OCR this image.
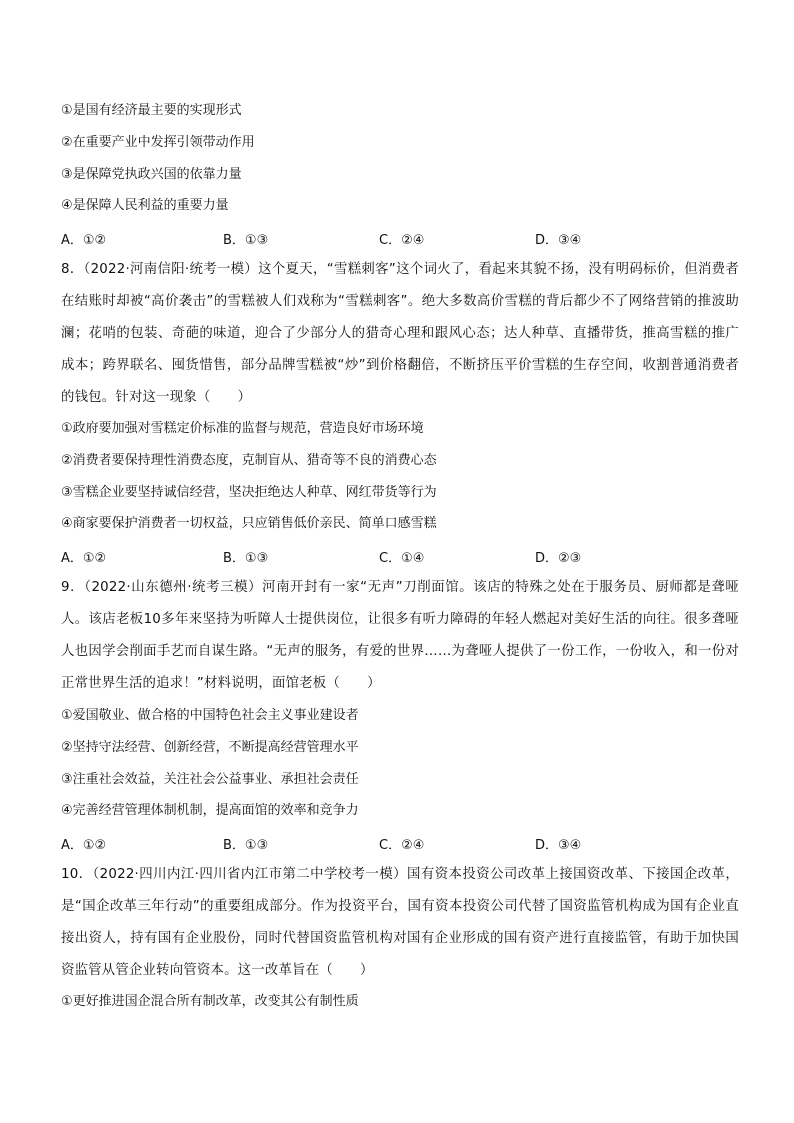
①是国有经济最主要的实现形式
②在重要产业中发挥引领带动作用
③是保障党执政兴国的依靠力量
④是保障人民利益的重要力量
A．①②	B．①③	C．②④	D．③④
8．（2022·河南信阳·统考一模）这个夏天，“雪糕刺客”这个词火了，看起来其貌不扬，没有明码标价，但消费者在结账时却被“高价袭击”的雪糕被人们戏称为“雪糕刺客”。绝大多数高价雪糕的背后都少不了网络营销的推波助澜；花哨的包装、奇葩的味道，迎合了少部分人的猎奇心理和跟风心态；达人种草、直播带货，推高雪糕的推广成本；跨界联名、囤货惜售，部分品牌雪糕被“炒”到价格翻倍，不断挤压平价雪糕的生存空间，收割普通消费者的钱包。针对这一现象（　　）
①政府要加强对雪糕定价标准的监督与规范，营造良好市场环境
②消费者要保持理性消费态度，克制盲从、猎奇等不良的消费心态
③雪糕企业要坚持诚信经营，坚决拒绝达人种草、网红带货等行为
④商家要保护消费者一切权益，只应销售低价亲民、简单口感雪糕
A．①②	B．①③	C．①④	D．②③
9．（2022·山东德州·统考三模）河南开封有一家“无声”刀削面馆。该店的特殊之处在于服务员、厨师都是聋哑人。该店老板10多年来坚持为听障人士提供岗位，让很多有听力障碍的年轻人燃起对美好生活的向往。很多聋哑人也因学会削面手艺而自谋生路。“无声的服务，有爱的世界……为聋哑人提供了一份工作，一份收入，和一份对正常世界生活的追求！”材料说明，面馆老板（　　）
①爱国敬业、做合格的中国特色社会主义事业建设者
②坚持守法经营、创新经营，不断提高经营管理水平
③注重社会效益，关注社会公益事业、承担社会责任
④完善经营管理体制机制，提高面馆的效率和竞争力
A．①②	B．①③	C．②④	D．③④
10．（2022·四川内江·四川省内江市第二中学校考一模）国有资本投资公司改革上接国资改革、下接国企改革，是“国企改革三年行动”的重要组成部分。作为投资平台，国有资本投资公司代替了国资监管机构成为国有企业直接出资人，持有国有企业股份，同时代替国资监管机构对国有企业形成的国有资产进行直接监管，有助于加快国资监管从管企业转向管资本。这一改革旨在（　　）
①更好推进国企混合所有制改革，改变其公有制性质
